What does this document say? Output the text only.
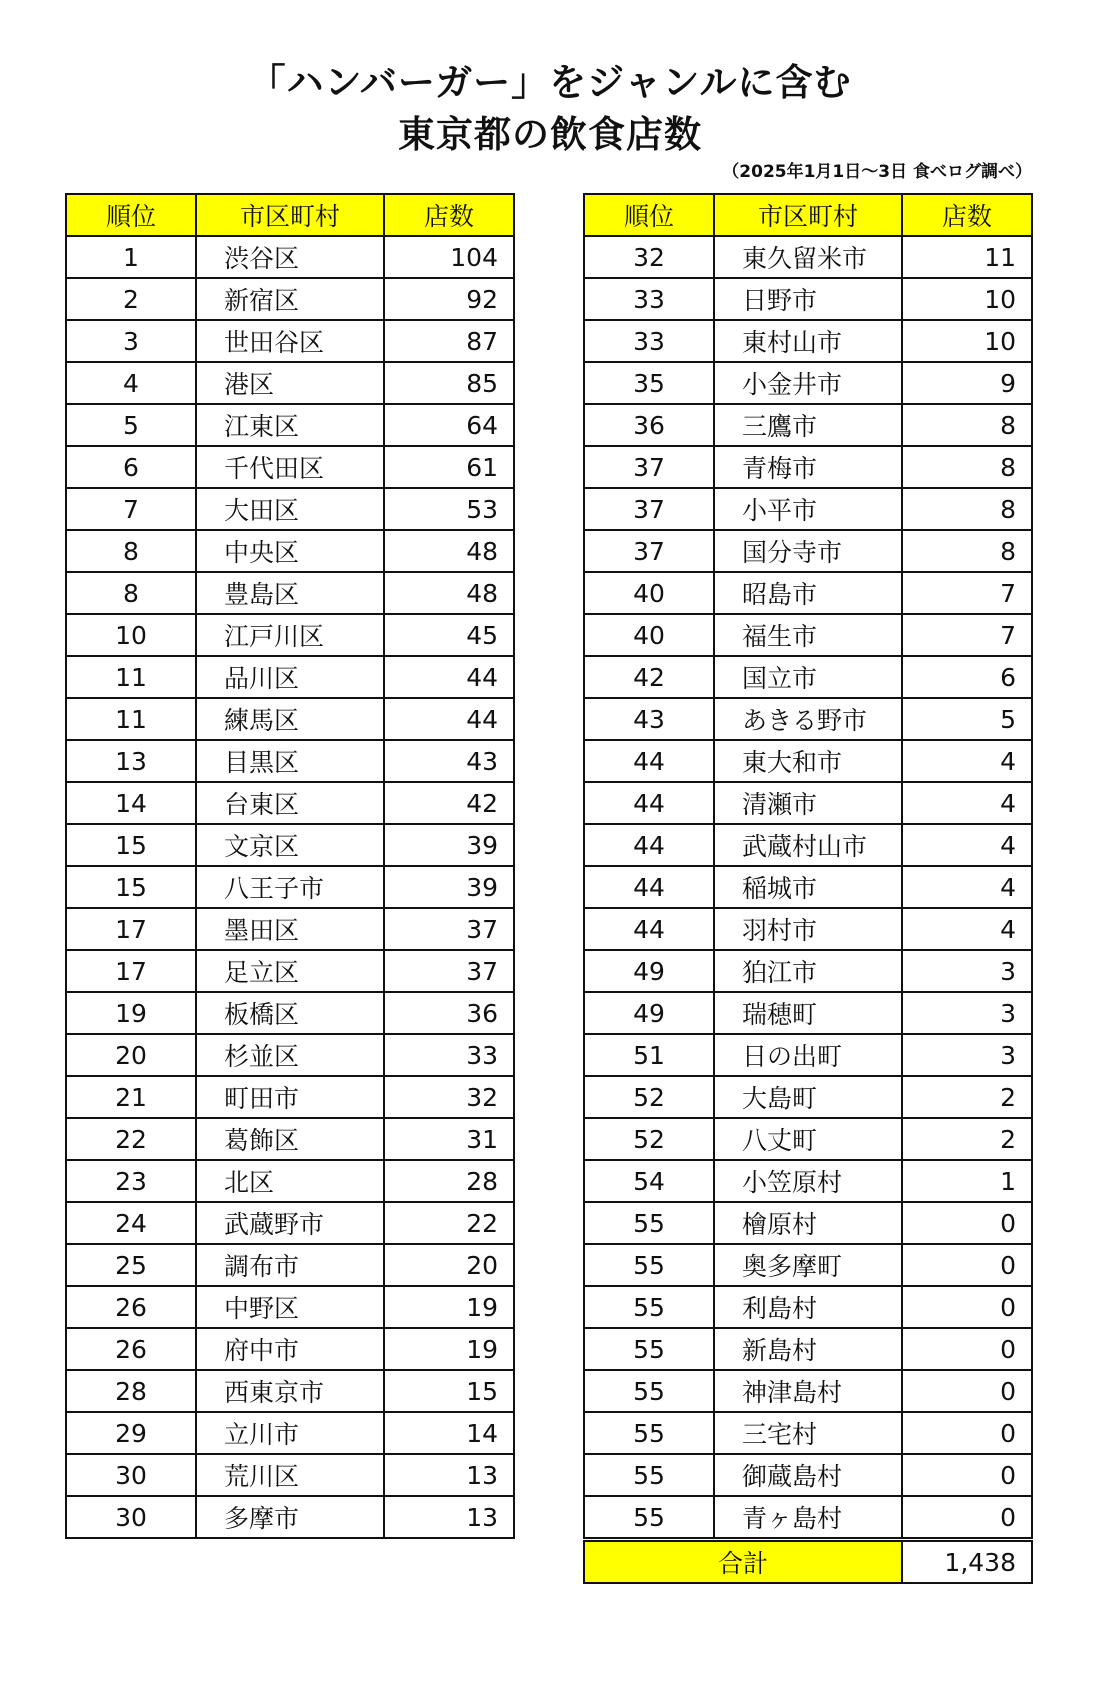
「ハンバーガー」をジャンルに含む
東京都の飲食店数

（2025年1月1日～3日 食べログ調べ）

順位	市区町村	店数
1	渋谷区	104
2	新宿区	92
3	世田谷区	87
4	港区	85
5	江東区	64
6	千代田区	61
7	大田区	53
8	中央区	48
8	豊島区	48
10	江戸川区	45
11	品川区	44
11	練馬区	44
13	目黒区	43
14	台東区	42
15	文京区	39
15	八王子市	39
17	墨田区	37
17	足立区	37
19	板橋区	36
20	杉並区	33
21	町田市	32
22	葛飾区	31
23	北区	28
24	武蔵野市	22
25	調布市	20
26	中野区	19
26	府中市	19
28	西東京市	15
29	立川市	14
30	荒川区	13
30	多摩市	13
順位	市区町村	店数
32	東久留米市	11
33	日野市	10
33	東村山市	10
35	小金井市	9
36	三鷹市	8
37	青梅市	8
37	小平市	8
37	国分寺市	8
40	昭島市	7
40	福生市	7
42	国立市	6
43	あきる野市	5
44	東大和市	4
44	清瀬市	4
44	武蔵村山市	4
44	稲城市	4
44	羽村市	4
49	狛江市	3
49	瑞穂町	3
51	日の出町	3
52	大島町	2
52	八丈町	2
54	小笠原村	1
55	檜原村	0
55	奥多摩町	0
55	利島村	0
55	新島村	0
55	神津島村	0
55	三宅村	0
55	御蔵島村	0
55	青ヶ島村	0
合計		1,438
